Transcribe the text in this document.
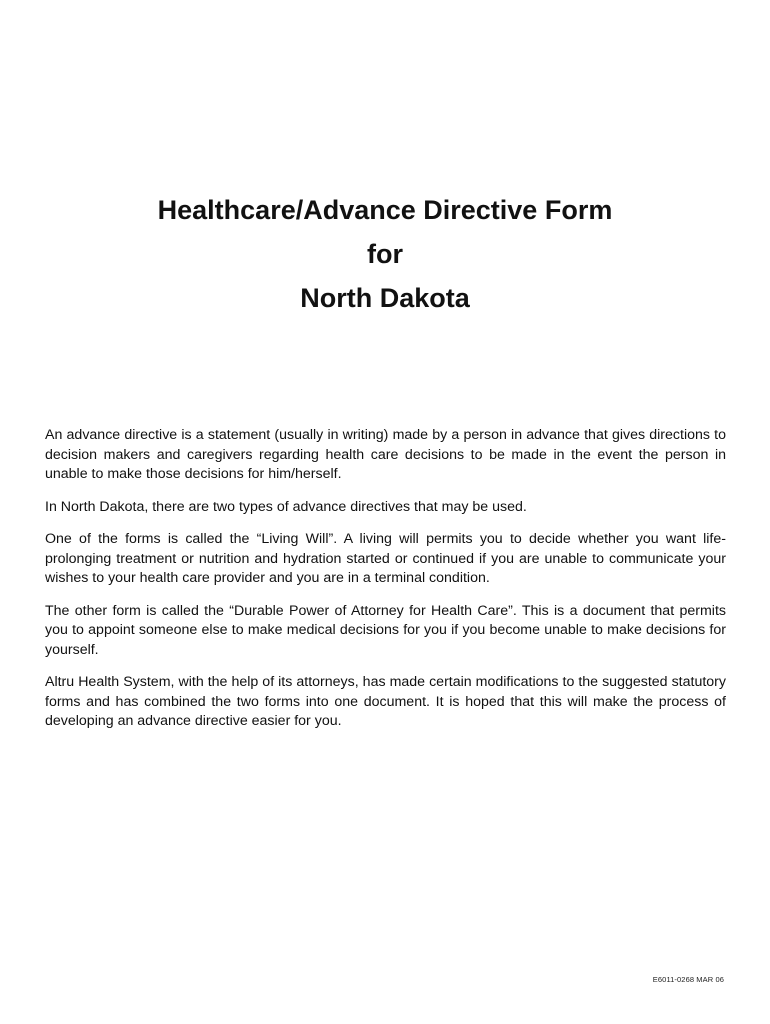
Healthcare/Advance Directive Form
for
North Dakota

An advance directive is a statement (usually in writing) made by a person in advance that gives directions to decision makers and caregivers regarding health care decisions to be made in the event the person in unable to make those decisions for him/herself.

In North Dakota, there are two types of advance directives that may be used.

One of the forms is called the “Living Will”. A living will permits you to decide whether you want life-prolonging treatment or nutrition and hydration started or continued if you are unable to communicate your wishes to your health care provider and you are in a terminal condition.

The other form is called the “Durable Power of Attorney for Health Care”. This is a document that permits you to appoint someone else to make medical decisions for you if you become unable to make decisions for yourself.

Altru Health System, with the help of its attorneys, has made certain modifications to the suggested statutory forms and has combined the two forms into one document. It is hoped that this will make the process of developing an advance directive easier for you.

E6011-0268 MAR 06
